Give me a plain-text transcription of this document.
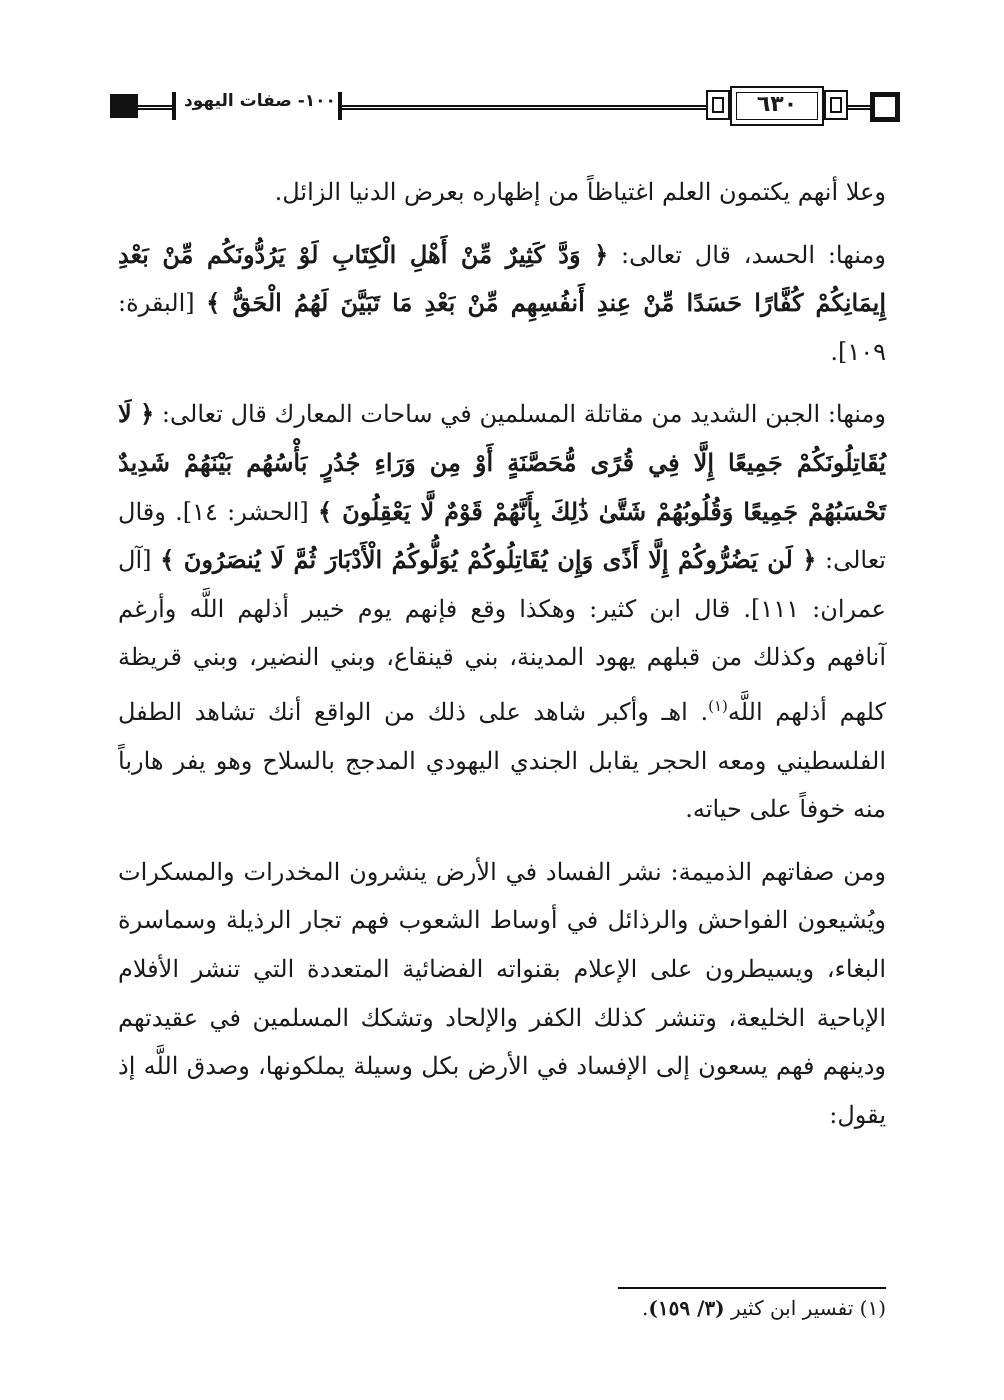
١٠٠- صفات اليهود	٦٣٠

وعلا أنهم يكتمون العلم اغتياظاً من إظهاره بعرض الدنيا الزائل.

ومنها: الحسد، قال تعالى: ﴿ وَدَّ كَثِيرٌ مِّنْ أَهْلِ الْكِتَابِ لَوْ يَرُدُّونَكُم مِّنْ بَعْدِ إِيمَانِكُمْ كُفَّارًا حَسَدًا مِّنْ عِندِ أَنفُسِهِم مِّنْ بَعْدِ مَا تَبَيَّنَ لَهُمُ الْحَقُّ ﴾ [البقرة: ١٠٩].

ومنها: الجبن الشديد من مقاتلة المسلمين في ساحات المعارك قال تعالى: ﴿ لَا يُقَاتِلُونَكُمْ جَمِيعًا إِلَّا فِي قُرًى مُّحَصَّنَةٍ أَوْ مِن وَرَاءِ جُدُرٍ بَأْسُهُم بَيْنَهُمْ شَدِيدٌ تَحْسَبُهُمْ جَمِيعًا وَقُلُوبُهُمْ شَتَّىٰ ذَٰلِكَ بِأَنَّهُمْ قَوْمٌ لَّا يَعْقِلُونَ ﴾ [الحشر: ١٤]. وقال تعالى: ﴿ لَن يَضُرُّوكُمْ إِلَّا أَذًى وَإِن يُقَاتِلُوكُمْ يُوَلُّوكُمُ الْأَدْبَارَ ثُمَّ لَا يُنصَرُونَ ﴾ [آل عمران: ١١١]. قال ابن كثير: وهكذا وقع فإنهم يوم خيبر أذلهم اللَّه وأرغم آنافهم وكذلك من قبلهم يهود المدينة، بني قينقاع، وبني النضير، وبني قريظة كلهم أذلهم اللَّه$^{(١)}$. اهـ وأكبر شاهد على ذلك من الواقع أنك تشاهد الطفل الفلسطيني ومعه الحجر يقابل الجندي اليهودي المدجج بالسلاح وهو يفر هارباً منه خوفاً على حياته.

ومن صفاتهم الذميمة: نشر الفساد في الأرض ينشرون المخدرات والمسكرات ويُشيعون الفواحش والرذائل في أوساط الشعوب فهم تجار الرذيلة وسماسرة البغاء، ويسيطرون على الإعلام بقنواته الفضائية المتعددة التي تنشر الأفلام الإباحية الخليعة، وتنشر كذلك الكفر والإلحاد وتشكك المسلمين في عقيدتهم ودينهم فهم يسعون إلى الإفساد في الأرض بكل وسيلة يملكونها، وصدق اللَّه إذ يقول:

(١) تفسير ابن كثير (٣/ ١٥٩).
